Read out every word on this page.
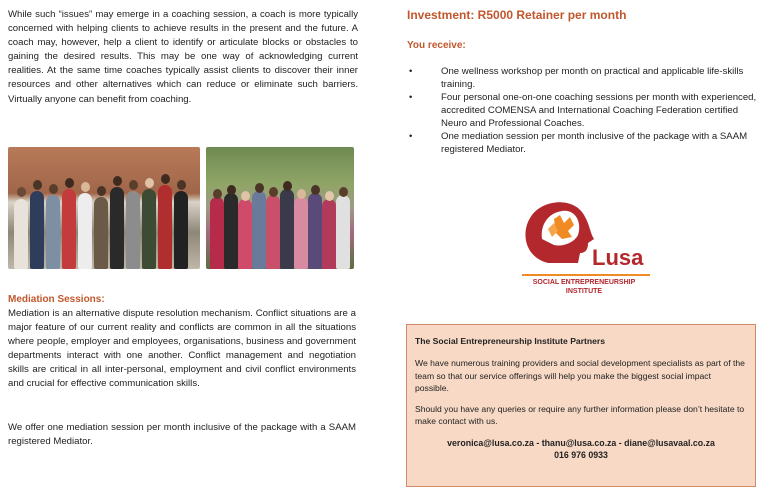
While such “issues” may emerge in a coaching session, a coach is more typically concerned with helping clients to achieve results in the present and the future. A coach may, however, help a client to identify or articulate blocks or obstacles to gaining the desired results. This may be one way of acknowledging current realities. At the same time coaches typically assist clients to discover their inner resources and other alternatives which can reduce or eliminate such barriers. Virtually anyone can benefit from coaching.

Mediation Sessions:

Mediation is an alternative dispute resolution mechanism. Conflict situations are a major feature of our current reality and conflicts are common in all the situations where people, employer and employees, organisations, business and government departments interact with one another. Conflict management and negotiation skills are critical in all inter-personal, employment and civil conflict environments and crucial for effective communication skills.

We offer one mediation session per month inclusive of the package with a SAAM registered Mediator.

Investment: R5000 Retainer per month

You receive:
•	One wellness workshop per month on practical and applicable life-skills training.
•	Four personal one-on-one coaching sessions per month with experienced, accredited COMENSA and International Coaching Federation certified Neuro and Professional Coaches.
•	One mediation session per month inclusive of the package with a SAAM registered Mediator.
Lusa
SOCIAL ENTREPRENEURSHIP
INSTITUTE

The Social Entrepreneurship Institute Partners

We have numerous training providers and social development specialists as part of the team so that our service offerings will help you make the biggest social impact possible.

Should you have any queries or require any further information please don’t hesitate to make contact with us.

veronica@lusa.co.za - thanu@lusa.co.za - diane@lusavaal.co.za
016 976 0933
